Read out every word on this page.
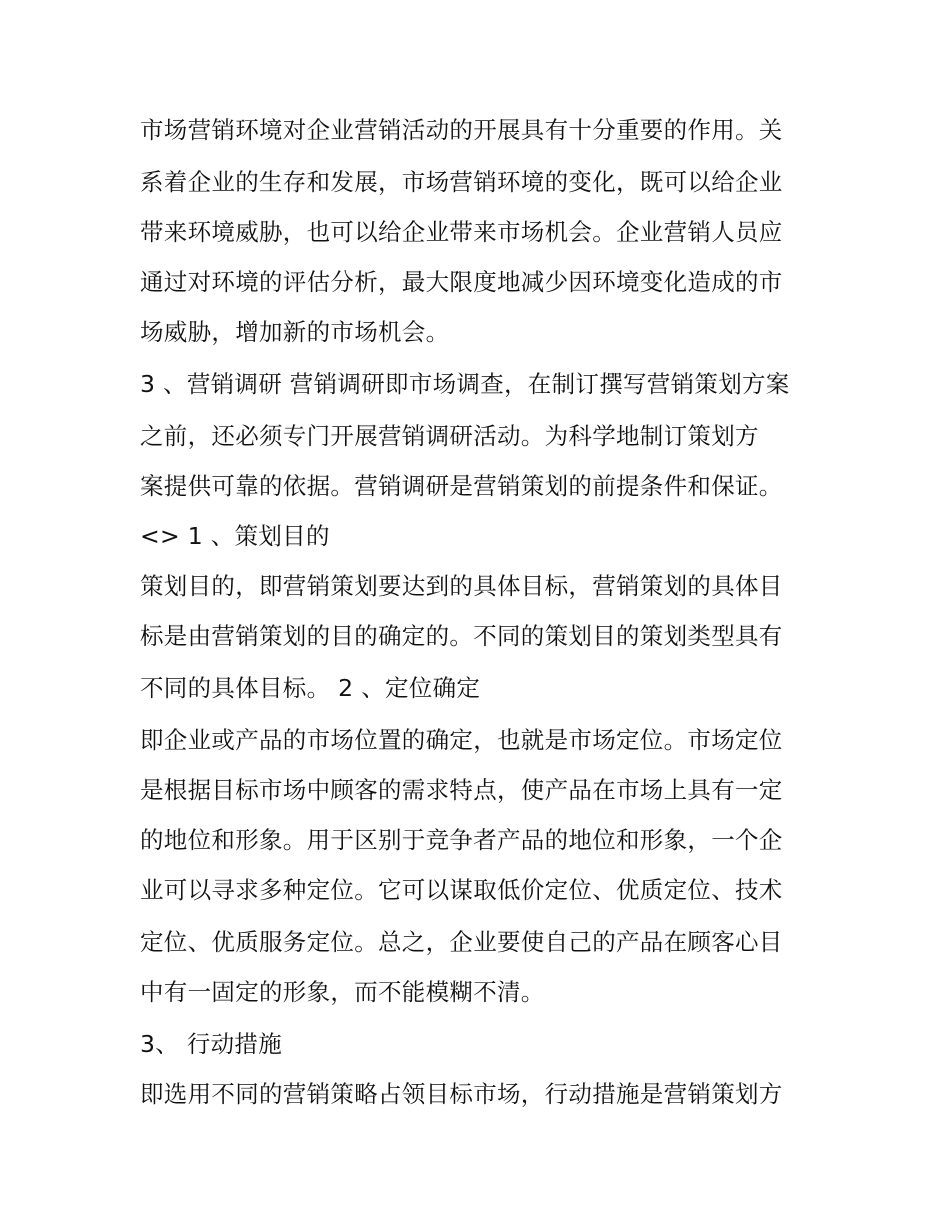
市场营销环境对企业营销活动的开展具有十分重要的作用。关
系着企业的生存和发展，市场营销环境的变化，既可以给企业
带来环境威胁，也可以给企业带来市场机会。企业营销人员应
通过对环境的评估分析，最大限度地减少因环境变化造成的市
场威胁，增加新的市场机会。
3 、营销调研 营销调研即市场调查，在制订撰写营销策划方案
之前，还必须专门开展营销调研活动。为科学地制订策划方
案提供可靠的依据。营销调研是营销策划的前提条件和保证。
<> 1 、策划目的
策划目的，即营销策划要达到的具体目标，营销策划的具体目
标是由营销策划的目的确定的。不同的策划目的策划类型具有
不同的具体目标。 2 、定位确定
即企业或产品的市场位置的确定，也就是市场定位。市场定位
是根据目标市场中顾客的需求特点，使产品在市场上具有一定
的地位和形象。用于区别于竞争者产品的地位和形象，一个企
业可以寻求多种定位。它可以谋取低价定位、优质定位、技术
定位、优质服务定位。总之，企业要使自己的产品在顾客心目
中有一固定的形象，而不能模糊不清。
3、 行动措施
即选用不同的营销策略占领目标市场，行动措施是营销策划方
